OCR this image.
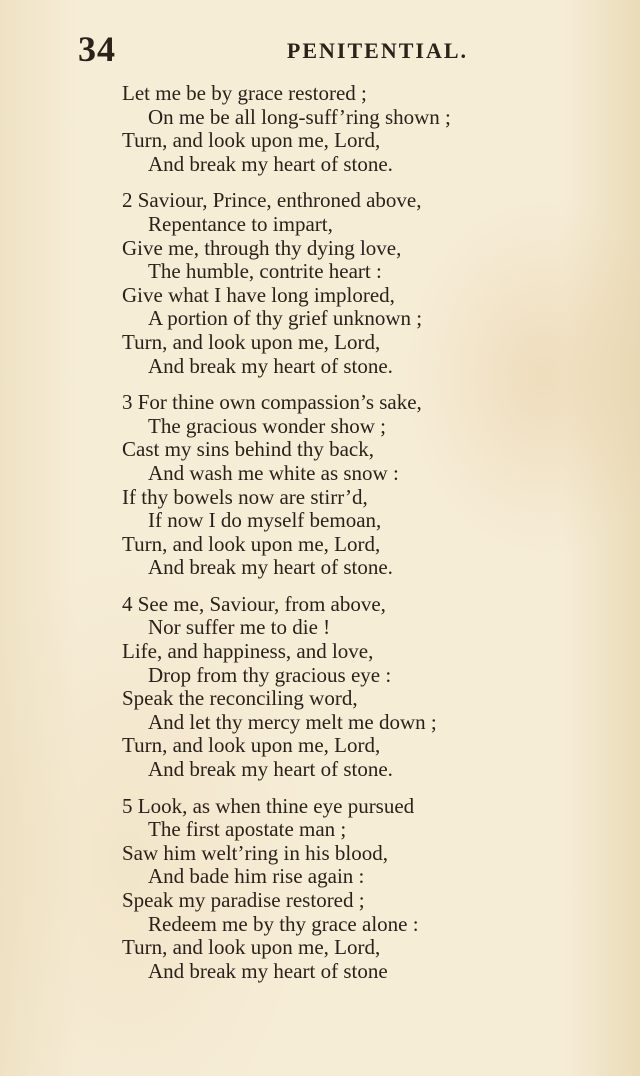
34	PENITENTIAL.
Let me be by grace restored ;
On me be all long-suff’ring shown ;
Turn, and look upon me, Lord,
And break my heart of stone.
2 Saviour, Prince, enthroned above,
Repentance to impart,
Give me, through thy dying love,
The humble, contrite heart :
Give what I have long implored,
A portion of thy grief unknown ;
Turn, and look upon me, Lord,
And break my heart of stone.
3 For thine own compassion’s sake,
The gracious wonder show ;
Cast my sins behind thy back,
And wash me white as snow :
If thy bowels now are stirr’d,
If now I do myself bemoan,
Turn, and look upon me, Lord,
And break my heart of stone.
4 See me, Saviour, from above,
Nor suffer me to die !
Life, and happiness, and love,
Drop from thy gracious eye :
Speak the reconciling word,
And let thy mercy melt me down ;
Turn, and look upon me, Lord,
And break my heart of stone.
5 Look, as when thine eye pursued
The first apostate man ;
Saw him welt’ring in his blood,
And bade him rise again :
Speak my paradise restored ;
Redeem me by thy grace alone :
Turn, and look upon me, Lord,
And break my heart of stone
